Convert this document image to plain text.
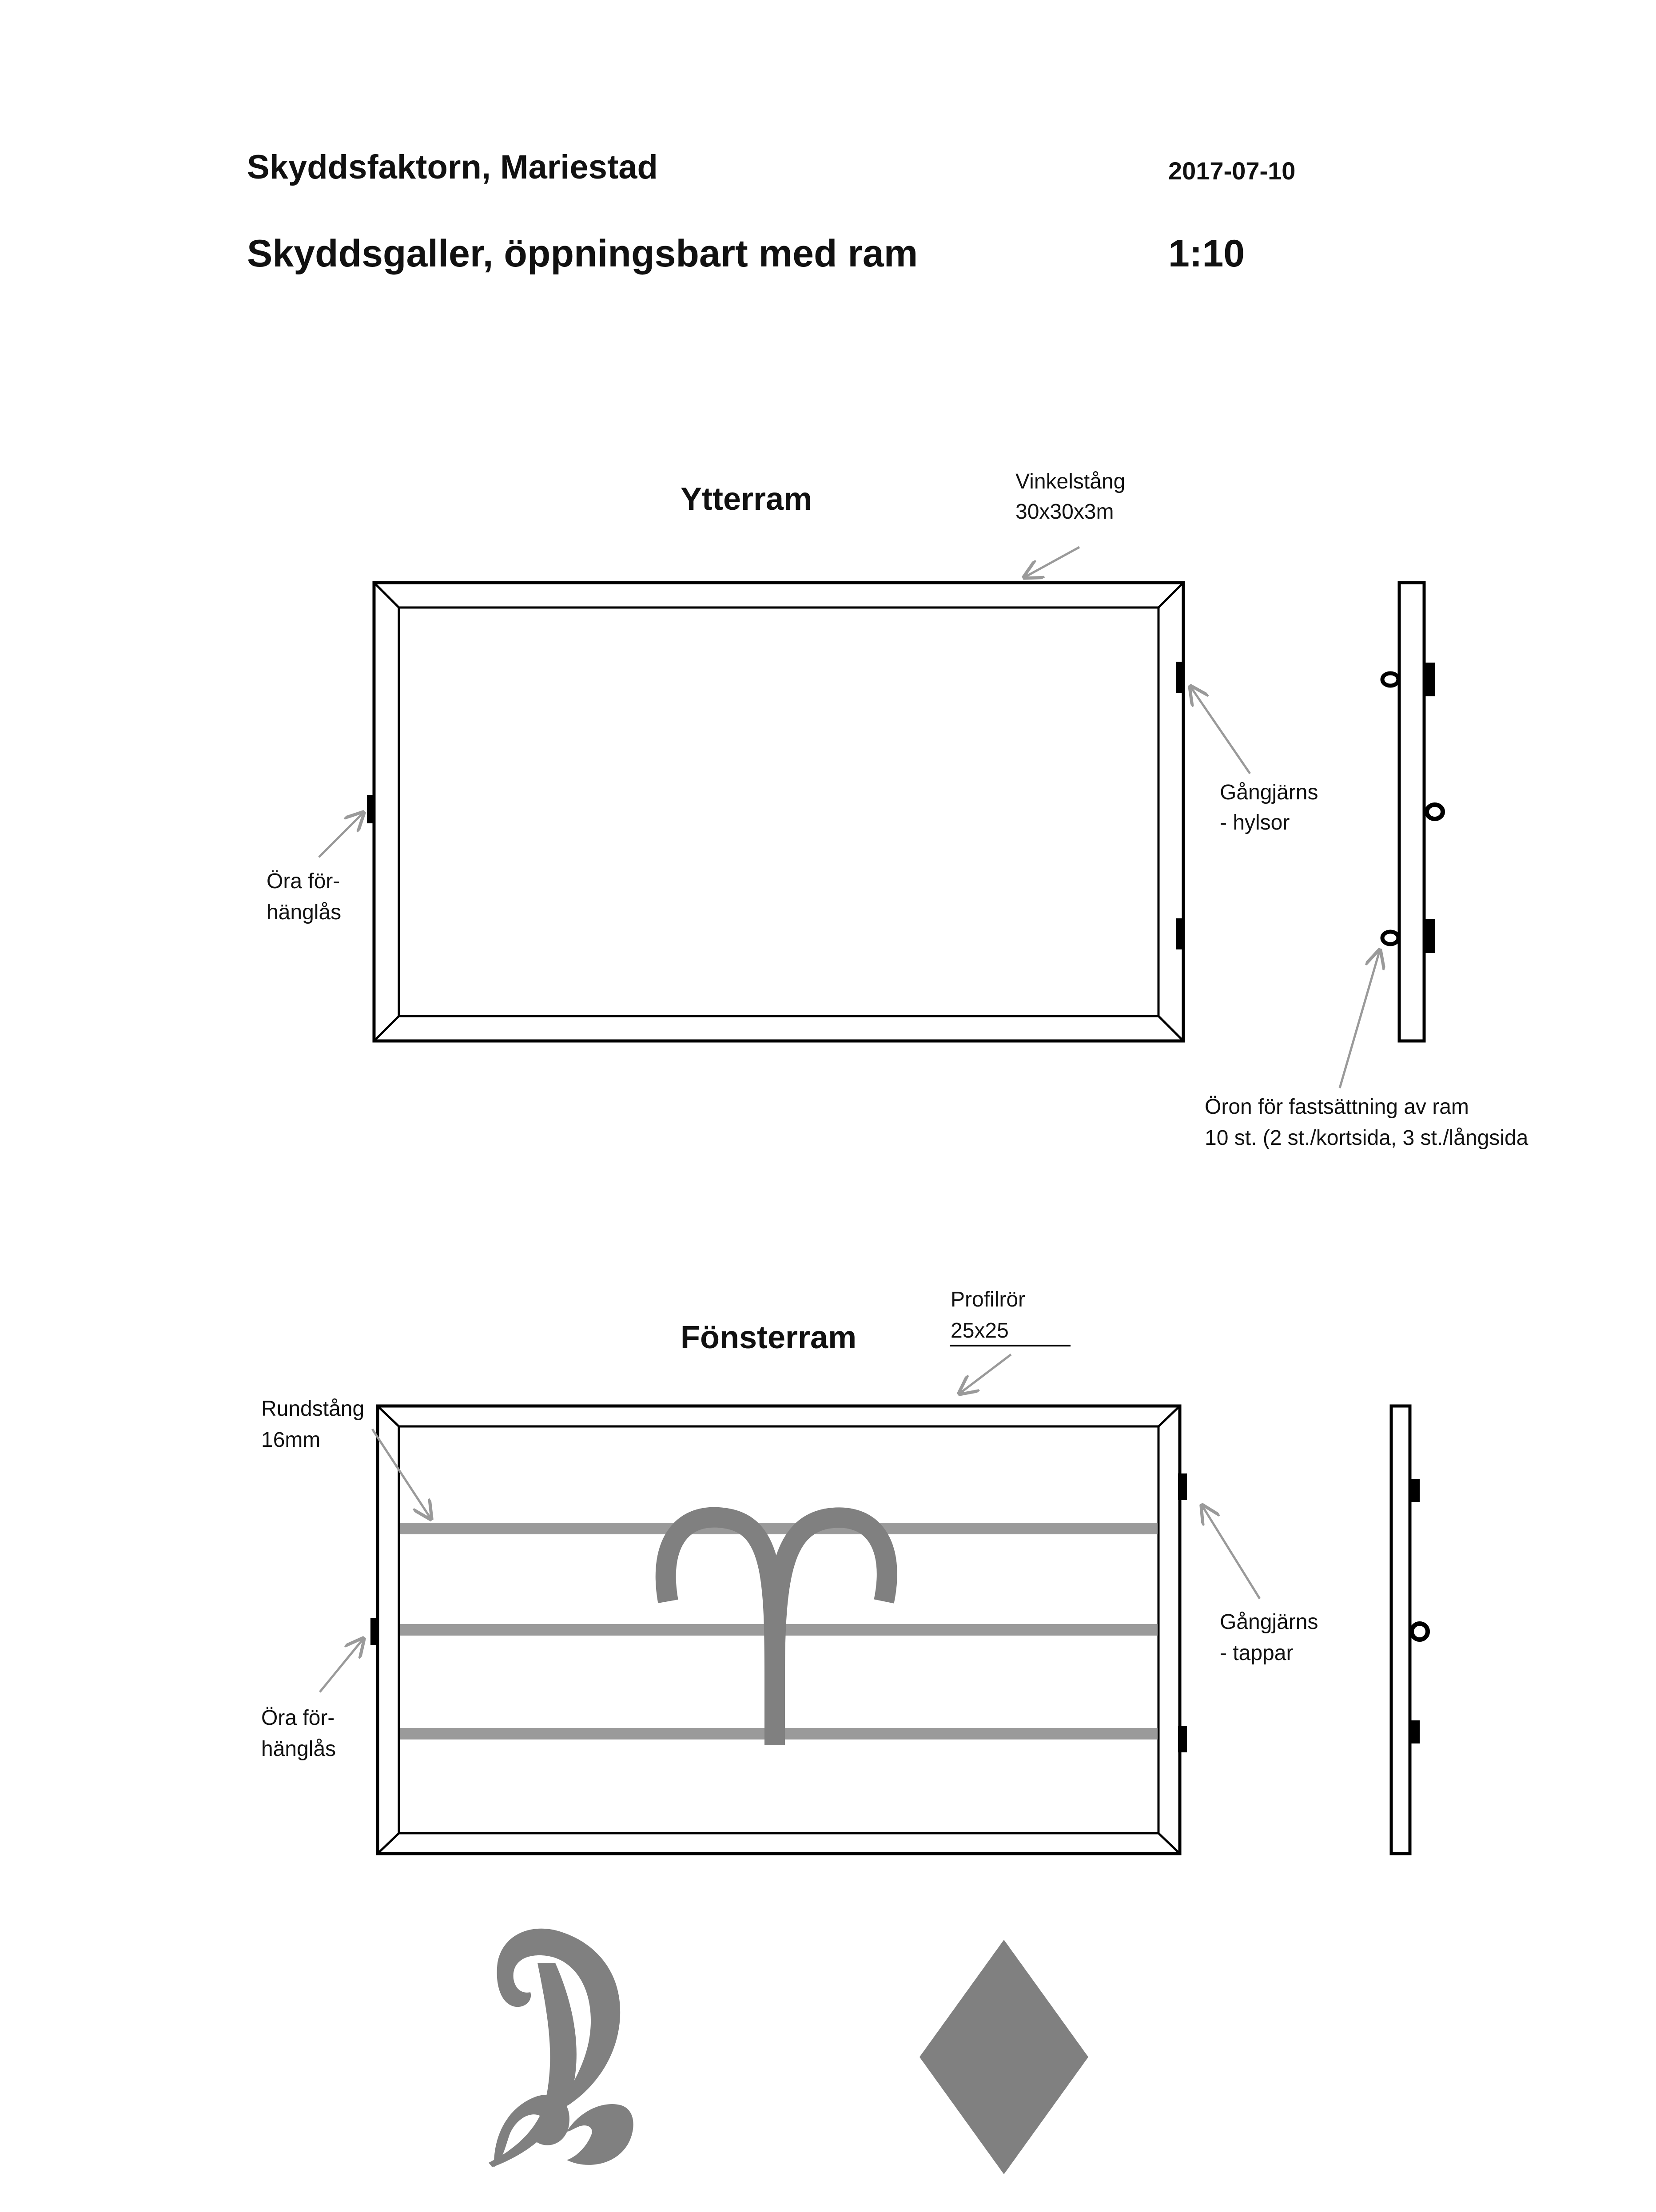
Skyddsfaktorn, Mariestad	2017-07-10
Skyddsgaller, öppningsbart med ram	1:10
Ytterram	Vinkelstång
30x30x3m
Gångjärns
- hylsor
Öra för-
hänglås
Öron för fastsättning av ram
10 st. (2 st./kortsida, 3 st./långsida
Fönsterram
Profilrör
25x25
Rundstång
16mm
Gångjärns
- tappar
Öra för-
hänglås
